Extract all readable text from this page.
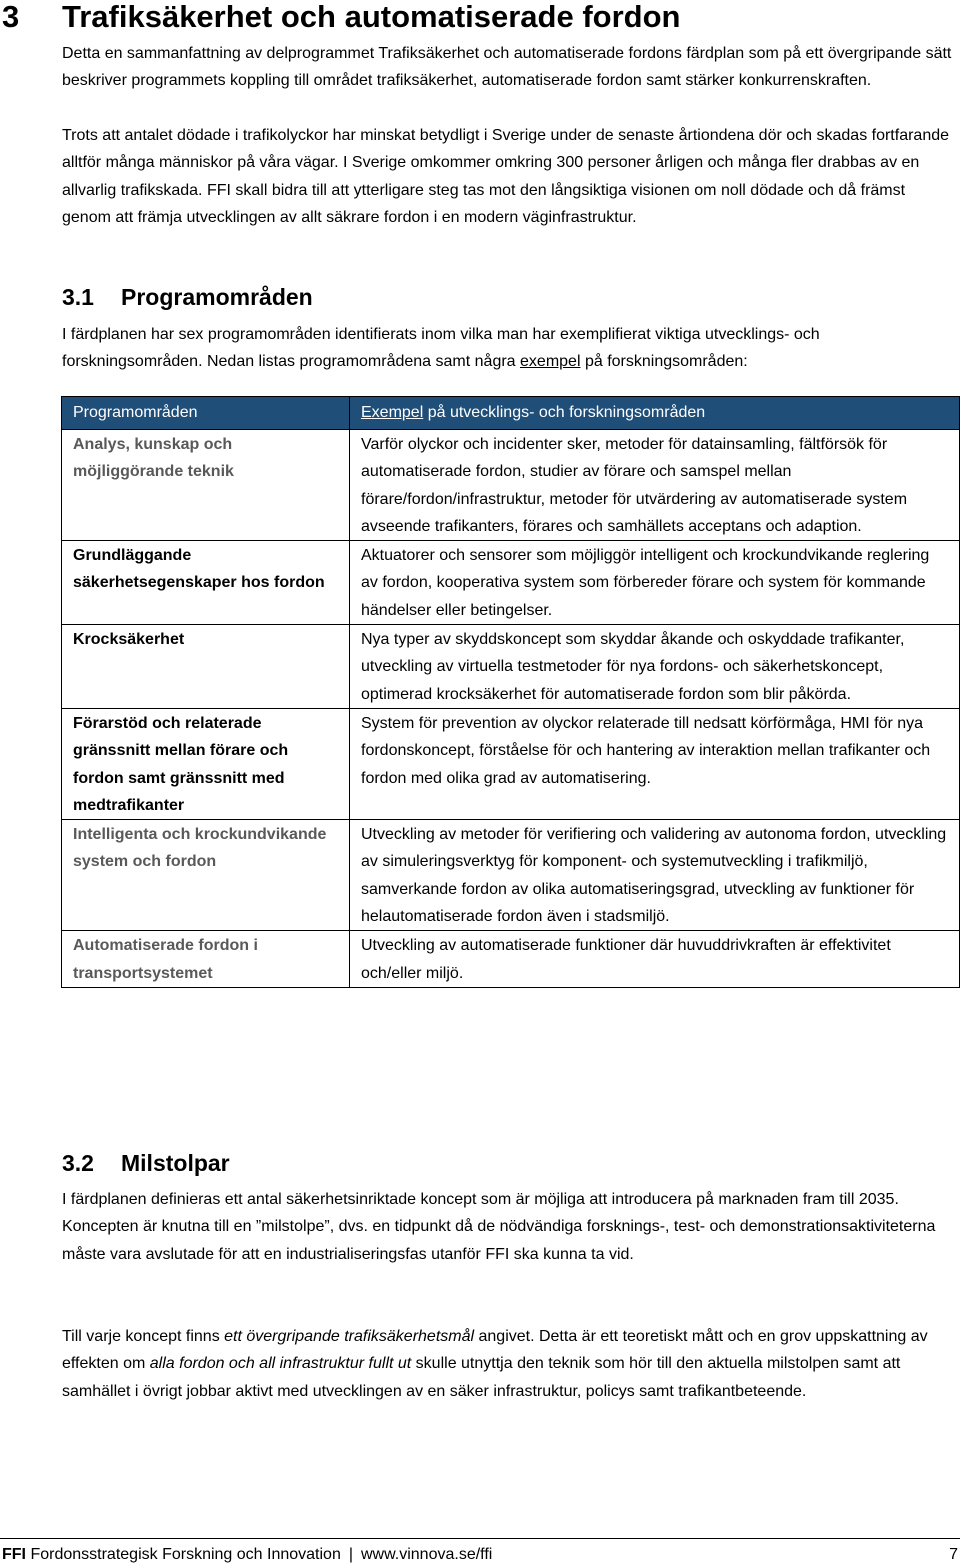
3 Trafiksäkerhet och automatiserade fordon

Detta en sammanfattning av delprogrammet Trafiksäkerhet och automatiserade fordons färdplan som på ett övergripande sätt beskriver programmets koppling till området trafiksäkerhet, automatiserade fordon samt stärker konkurrenskraften.

Trots att antalet dödade i trafikolyckor har minskat betydligt i Sverige under de senaste årtiondena dör och skadas fortfarande alltför många människor på våra vägar. I Sverige omkommer omkring 300 personer årligen och många fler drabbas av en allvarlig trafikskada. FFI skall bidra till att ytterligare steg tas mot den långsiktiga visionen om noll dödade och då främst genom att främja utvecklingen av allt säkrare fordon i en modern väginfrastruktur.

3.1 Programområden

I färdplanen har sex programområden identifierats inom vilka man har exemplifierat viktiga utvecklings- och forskningsområden. Nedan listas programområdena samt några exempel på forskningsområden:

Programområden	Exempel på utvecklings- och forskningsområden
Analys, kunskap och möjliggörande teknik	Varför olyckor och incidenter sker, metoder för datainsamling, fältförsök för automatiserade fordon, studier av förare och samspel mellan förare/fordon/infrastruktur, metoder för utvärdering av automatiserade system avseende trafikanters, förares och samhällets acceptans och adaption.
Grundläggande säkerhetsegenskaper hos fordon	Aktuatorer och sensorer som möjliggör intelligent och krockundvikande reglering av fordon, kooperativa system som förbereder förare och system för kommande händelser eller betingelser.
Krocksäkerhet	Nya typer av skyddskoncept som skyddar åkande och oskyddade trafikanter, utveckling av virtuella testmetoder för nya fordons- och säkerhetskoncept, optimerad krocksäkerhet för automatiserade fordon som blir påkörda.
Förarstöd och relaterade gränssnitt mellan förare och fordon samt gränssnitt med medtrafikanter	System för prevention av olyckor relaterade till nedsatt körförmåga, HMI för nya fordonskoncept, förståelse för och hantering av interaktion mellan trafikanter och fordon med olika grad av automatisering.
Intelligenta och krockundvikande system och fordon	Utveckling av metoder för verifiering och validering av autonoma fordon, utveckling av simuleringsverktyg för komponent- och systemutveckling i trafikmiljö, samverkande fordon av olika automatiseringsgrad, utveckling av funktioner för helautomatiserade fordon även i stadsmiljö.
Automatiserade fordon i transportsystemet	Utveckling av automatiserade funktioner där huvuddrivkraften är effektivitet och/eller miljö.
3.2 Milstolpar

I färdplanen definieras ett antal säkerhetsinriktade koncept som är möjliga att introducera på marknaden fram till 2035. Koncepten är knutna till en ”milstolpe”, dvs. en tidpunkt då de nödvändiga forsknings-, test- och demonstrationsaktiviteterna måste vara avslutade för att en industrialiseringsfas utanför FFI ska kunna ta vid.

Till varje koncept finns ett övergripande trafiksäkerhetsmål angivet. Detta är ett teoretiskt mått och en grov uppskattning av effekten om alla fordon och all infrastruktur fullt ut skulle utnyttja den teknik som hör till den aktuella milstolpen samt att samhället i övrigt jobbar aktivt med utvecklingen av en säker infrastruktur, policys samt trafikantbeteende.

FFI Fordonsstrategisk Forskning och Innovation | www.vinnova.se/ffi	7
